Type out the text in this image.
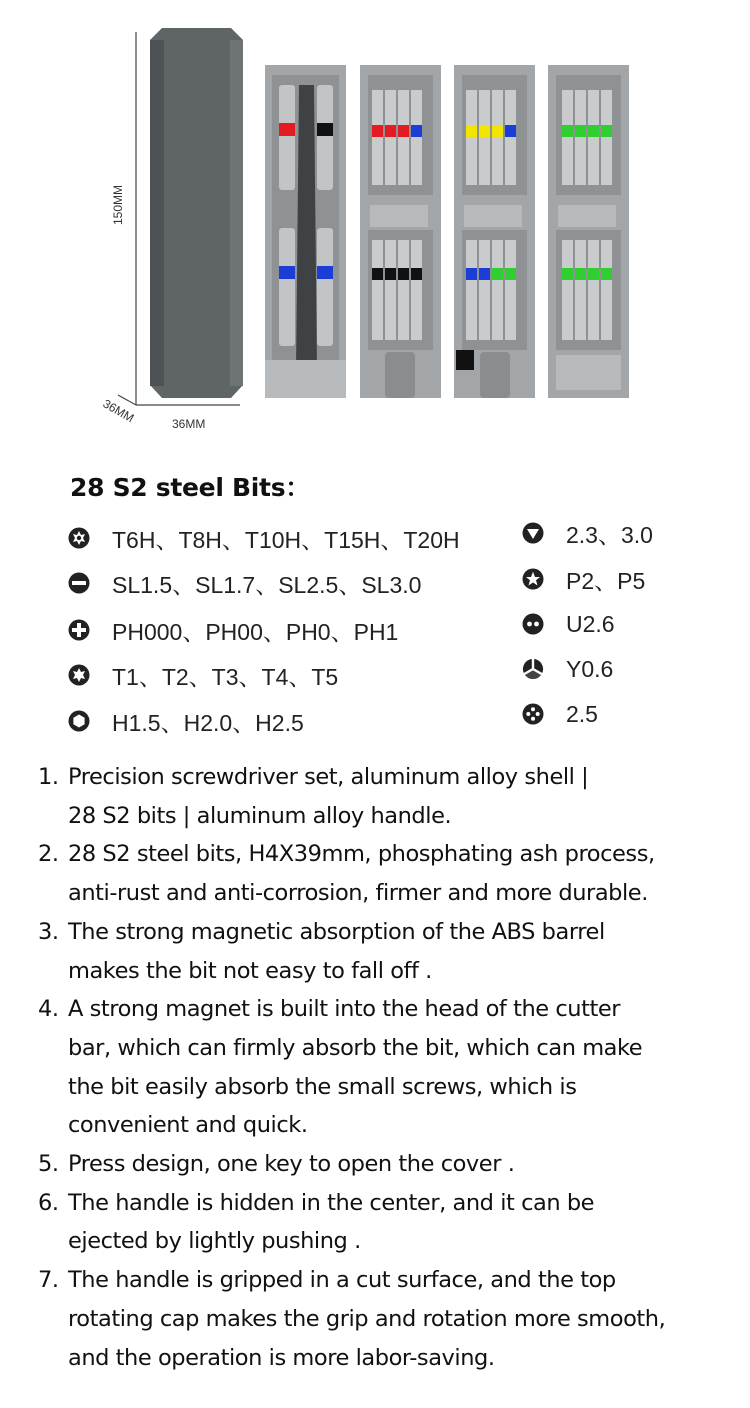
150MM
36MM
36MM
28 S2 steel Bits：
T6H、T8H、T10H、T15H、T20H
SL1.5、SL1.7、SL2.5、SL3.0
PH000、PH00、PH0、PH1
T1、T2、T3、T4、T5
H1.5、H2.0、H2.5
2.3、3.0
P2、P5
U2.6
Y0.6
2.5
1. Precision screwdriver set, aluminum alloy shell |
28 S2 bits | aluminum alloy handle.
2. 28 S2 steel bits, H4X39mm, phosphating ash process,
anti-rust and anti-corrosion, firmer and more durable.
3. The strong magnetic absorption of the ABS barrel
makes the bit not easy to fall off .
4. A strong magnet is built into the head of the cutter
bar, which can firmly absorb the bit, which can make
the bit easily absorb the small screws, which is
convenient and quick.
5. Press design, one key to open the cover .
6. The handle is hidden in the center, and it can be
ejected by lightly pushing .
7. The handle is gripped in a cut surface, and the top
rotating cap makes the grip and rotation more smooth,
and the operation is more labor-saving.
